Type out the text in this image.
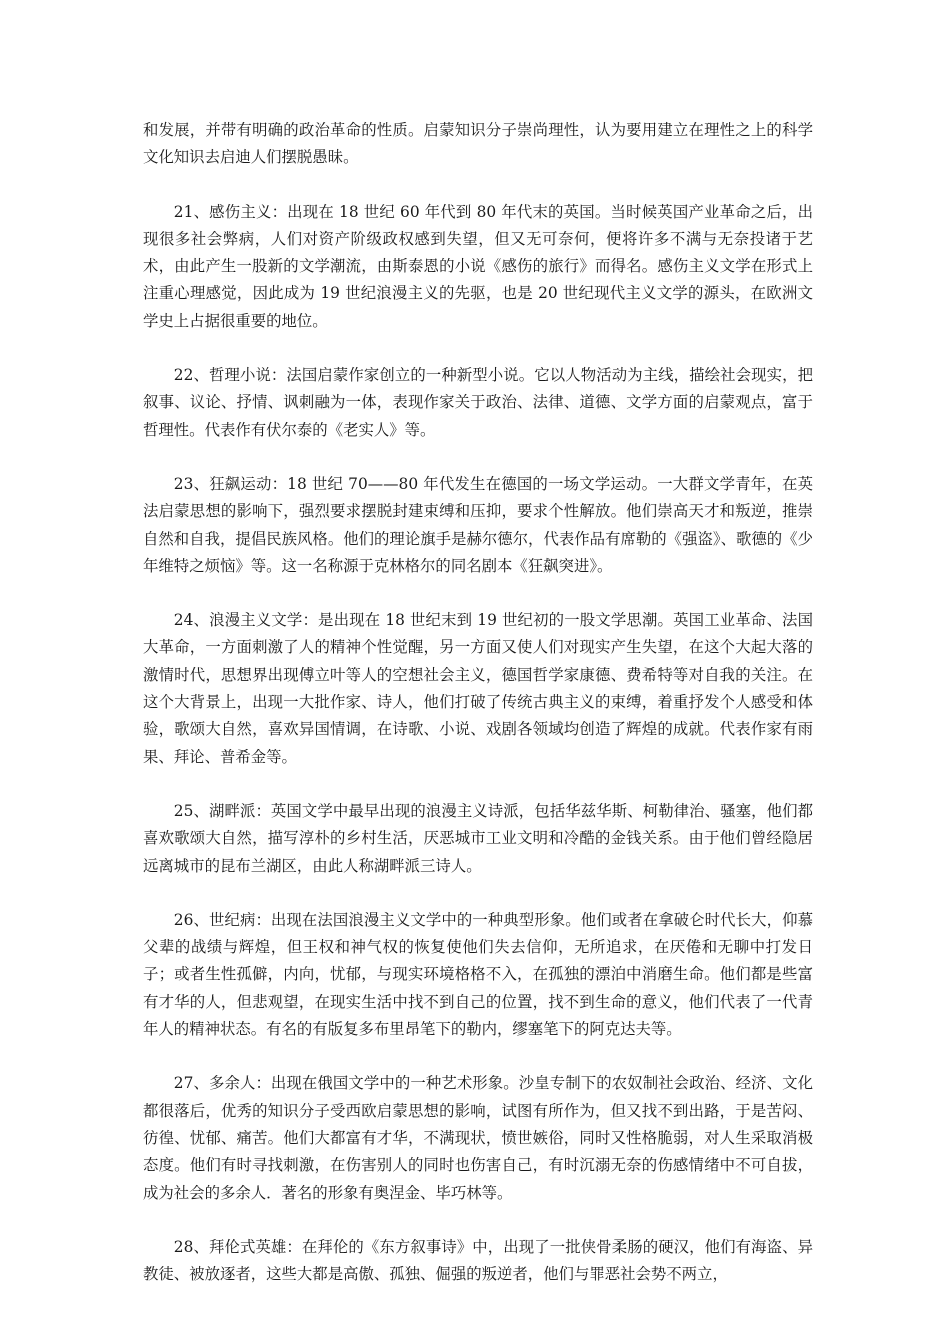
和发展，并带有明确的政治革命的性质。启蒙知识分子崇尚理性，认为要用建立在理性之上的科学文化知识去启迪人们摆脱愚昧。

21、感伤主义：出现在 18 世纪 60 年代到 80 年代末的英国。当时候英国产业革命之后，出现很多社会弊病，人们对资产阶级政权感到失望，但又无可奈何，便将许多不满与无奈投诸于艺术，由此产生一股新的文学潮流，由斯泰恩的小说《感伤的旅行》而得名。感伤主义文学在形式上注重心理感觉，因此成为 19 世纪浪漫主义的先驱，也是 20 世纪现代主义文学的源头，在欧洲文学史上占据很重要的地位。

22、哲理小说：法国启蒙作家创立的一种新型小说。它以人物活动为主线，描绘社会现实，把叙事、议论、抒情、讽刺融为一体，表现作家关于政治、法律、道德、文学方面的启蒙观点，富于哲理性。代表作有伏尔泰的《老实人》等。

23、狂飙运动：18 世纪 70——80 年代发生在德国的一场文学运动。一大群文学青年，在英法启蒙思想的影响下，强烈要求摆脱封建束缚和压抑，要求个性解放。他们崇高天才和叛逆，推崇自然和自我，提倡民族风格。他们的理论旗手是赫尔德尔，代表作品有席勒的《强盗》、歌德的《少年维特之烦恼》等。这一名称源于克林格尔的同名剧本《狂飙突进》。

24、浪漫主义文学：是出现在 18 世纪末到 19 世纪初的一股文学思潮。英国工业革命、法国大革命，一方面刺激了人的精神个性觉醒，另一方面又使人们对现实产生失望，在这个大起大落的激情时代，思想界出现傅立叶等人的空想社会主义，德国哲学家康德、费希特等对自我的关注。在这个大背景上，出现一大批作家、诗人，他们打破了传统古典主义的束缚，着重抒发个人感受和体验，歌颂大自然，喜欢异国情调，在诗歌、小说、戏剧各领域均创造了辉煌的成就。代表作家有雨果、拜论、普希金等。

25、湖畔派：英国文学中最早出现的浪漫主义诗派，包括华兹华斯、柯勒律治、骚塞，他们都喜欢歌颂大自然，描写淳朴的乡村生活，厌恶城市工业文明和冷酷的金钱关系。由于他们曾经隐居远离城市的昆布兰湖区，由此人称湖畔派三诗人。

26、世纪病：出现在法国浪漫主义文学中的一种典型形象。他们或者在拿破仑时代长大，仰慕父辈的战绩与辉煌，但王权和神气权的恢复使他们失去信仰，无所追求，在厌倦和无聊中打发日子；或者生性孤僻，内向，忧郁，与现实环境格格不入，在孤独的漂泊中消磨生命。他们都是些富有才华的人，但悲观望，在现实生活中找不到自己的位置，找不到生命的意义，他们代表了一代青年人的精神状态。有名的有版复多布里昂笔下的勒内，缪塞笔下的阿克达夫等。

27、多余人：出现在俄国文学中的一种艺术形象。沙皇专制下的农奴制社会政治、经济、文化都很落后，优秀的知识分子受西欧启蒙思想的影响，试图有所作为，但又找不到出路，于是苦闷、彷徨、忧郁、痛苦。他们大都富有才华，不满现状，愤世嫉俗，同时又性格脆弱，对人生采取消极态度。他们有时寻找刺激，在伤害别人的同时也伤害自己，有时沉溺无奈的伤感情绪中不可自拔，成为社会的多余人．著名的形象有奥涅金、毕巧林等。

28、拜伦式英雄：在拜伦的《东方叙事诗》中，出现了一批侠骨柔肠的硬汉，他们有海盗、异教徒、被放逐者，这些大都是高傲、孤独、倔强的叛逆者，他们与罪恶社会势不两立，
